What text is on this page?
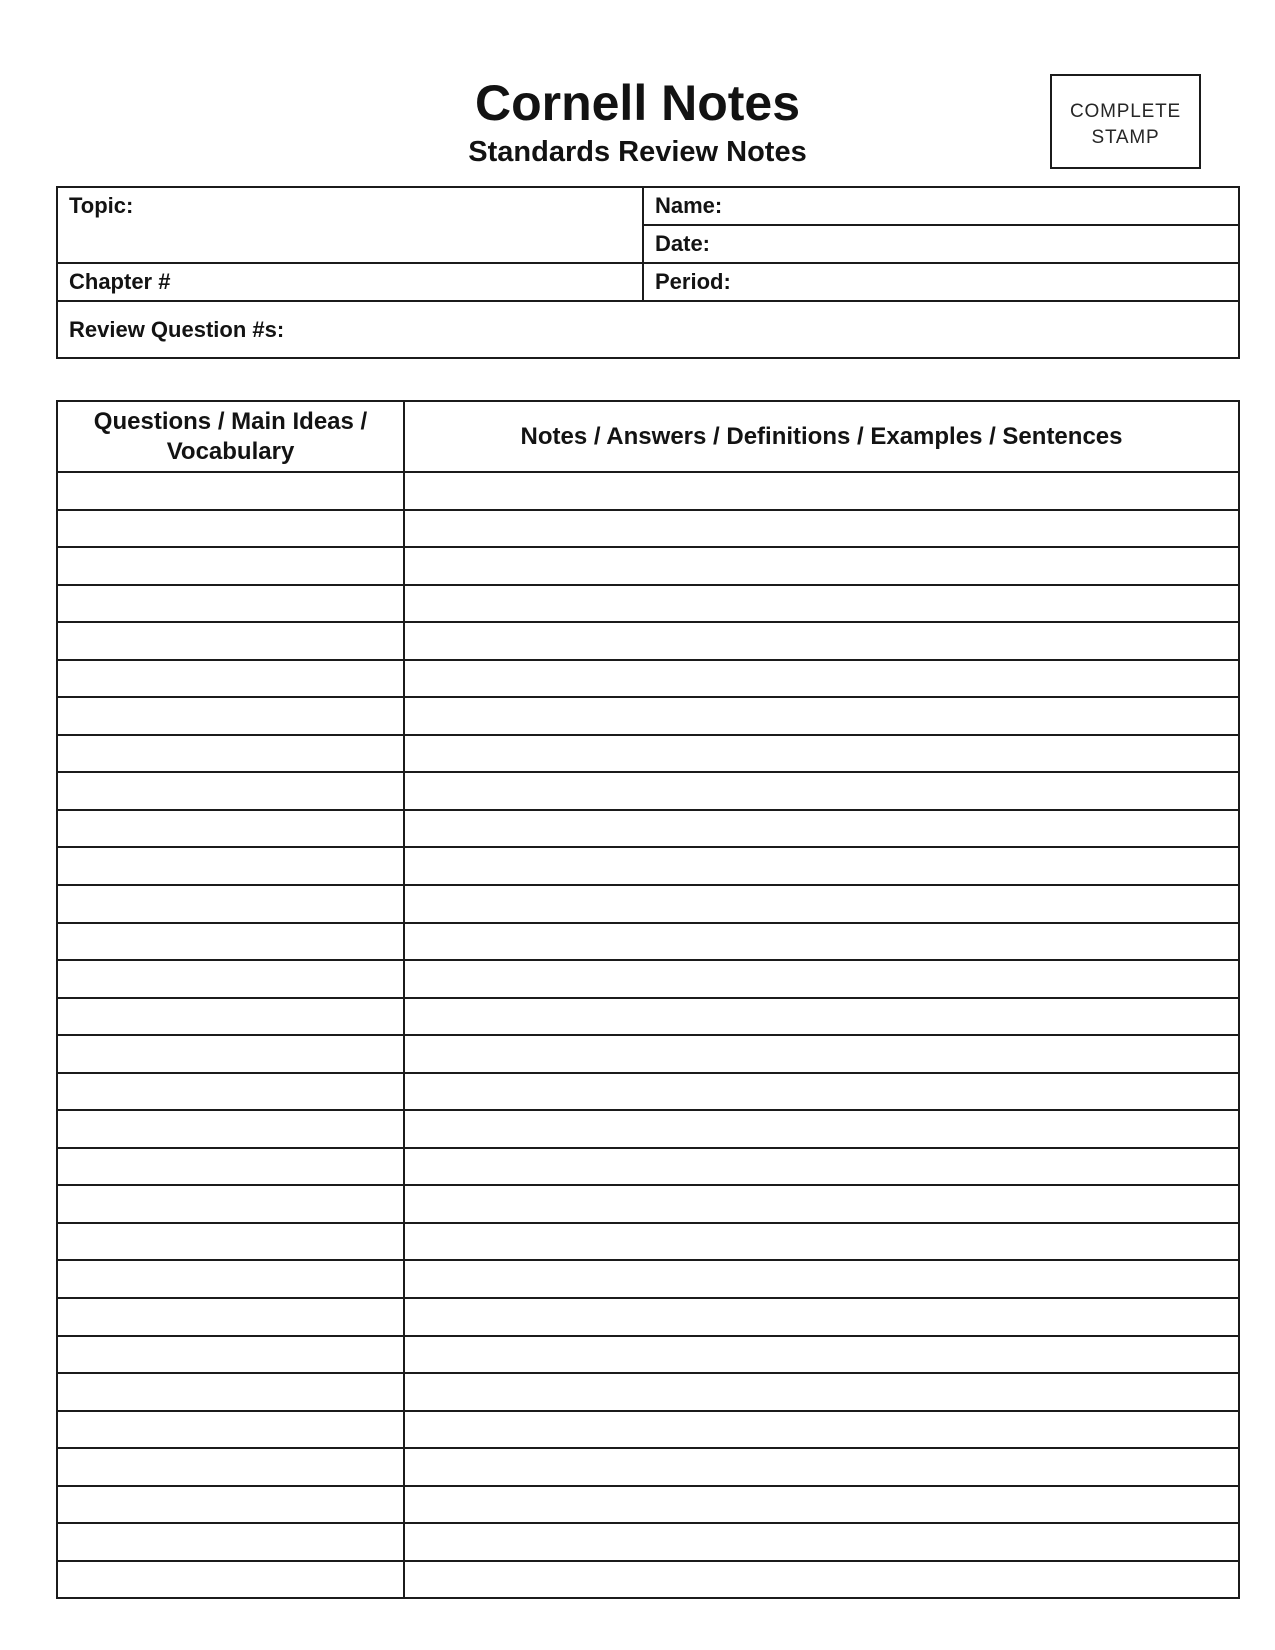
Cornell Notes
Standards Review Notes
COMPLETE
STAMP
Topic:	Name:
	Date:
Chapter #	Period:
Review Question #s:	
Questions / Main Ideas / Vocabulary	Notes / Answers / Definitions / Examples / Sentences
